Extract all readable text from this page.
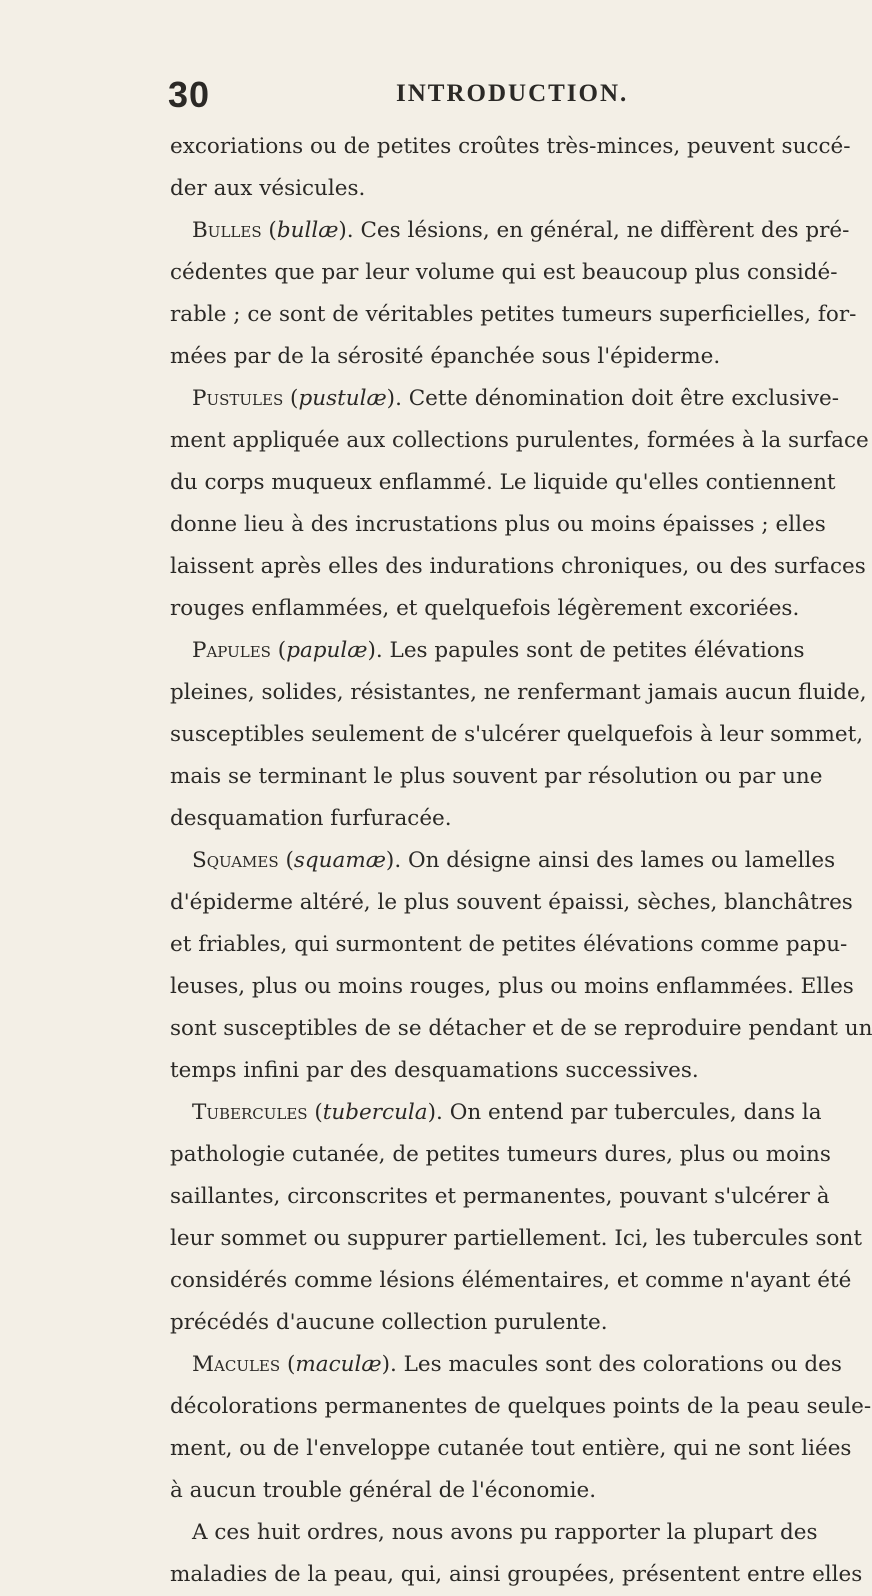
30	INTRODUCTION.
excoriations ou de petites croûtes très-minces, peuvent succé-
der aux vésicules.
Bulles (bullæ). Ces lésions, en général, ne diffèrent des pré-
cédentes que par leur volume qui est beaucoup plus considé-
rable ; ce sont de véritables petites tumeurs superficielles, for-
mées par de la sérosité épanchée sous l'épiderme.
Pustules (pustulæ). Cette dénomination doit être exclusive-
ment appliquée aux collections purulentes, formées à la surface
du corps muqueux enflammé. Le liquide qu'elles contiennent
donne lieu à des incrustations plus ou moins épaisses ; elles
laissent après elles des indurations chroniques, ou des surfaces
rouges enflammées, et quelquefois légèrement excoriées.
Papules (papulæ). Les papules sont de petites élévations
pleines, solides, résistantes, ne renfermant jamais aucun fluide,
susceptibles seulement de s'ulcérer quelquefois à leur sommet,
mais se terminant le plus souvent par résolution ou par une
desquamation furfuracée.
Squames (squamæ). On désigne ainsi des lames ou lamelles
d'épiderme altéré, le plus souvent épaissi, sèches, blanchâtres
et friables, qui surmontent de petites élévations comme papu-
leuses, plus ou moins rouges, plus ou moins enflammées. Elles
sont susceptibles de se détacher et de se reproduire pendant un
temps infini par des desquamations successives.
Tubercules (tubercula). On entend par tubercules, dans la
pathologie cutanée, de petites tumeurs dures, plus ou moins
saillantes, circonscrites et permanentes, pouvant s'ulcérer à
leur sommet ou suppurer partiellement. Ici, les tubercules sont
considérés comme lésions élémentaires, et comme n'ayant été
précédés d'aucune collection purulente.
Macules (maculæ). Les macules sont des colorations ou des
décolorations permanentes de quelques points de la peau seule-
ment, ou de l'enveloppe cutanée tout entière, qui ne sont liées
à aucun trouble général de l'économie.
A ces huit ordres, nous avons pu rapporter la plupart des
maladies de la peau, qui, ainsi groupées, présentent entre elles
